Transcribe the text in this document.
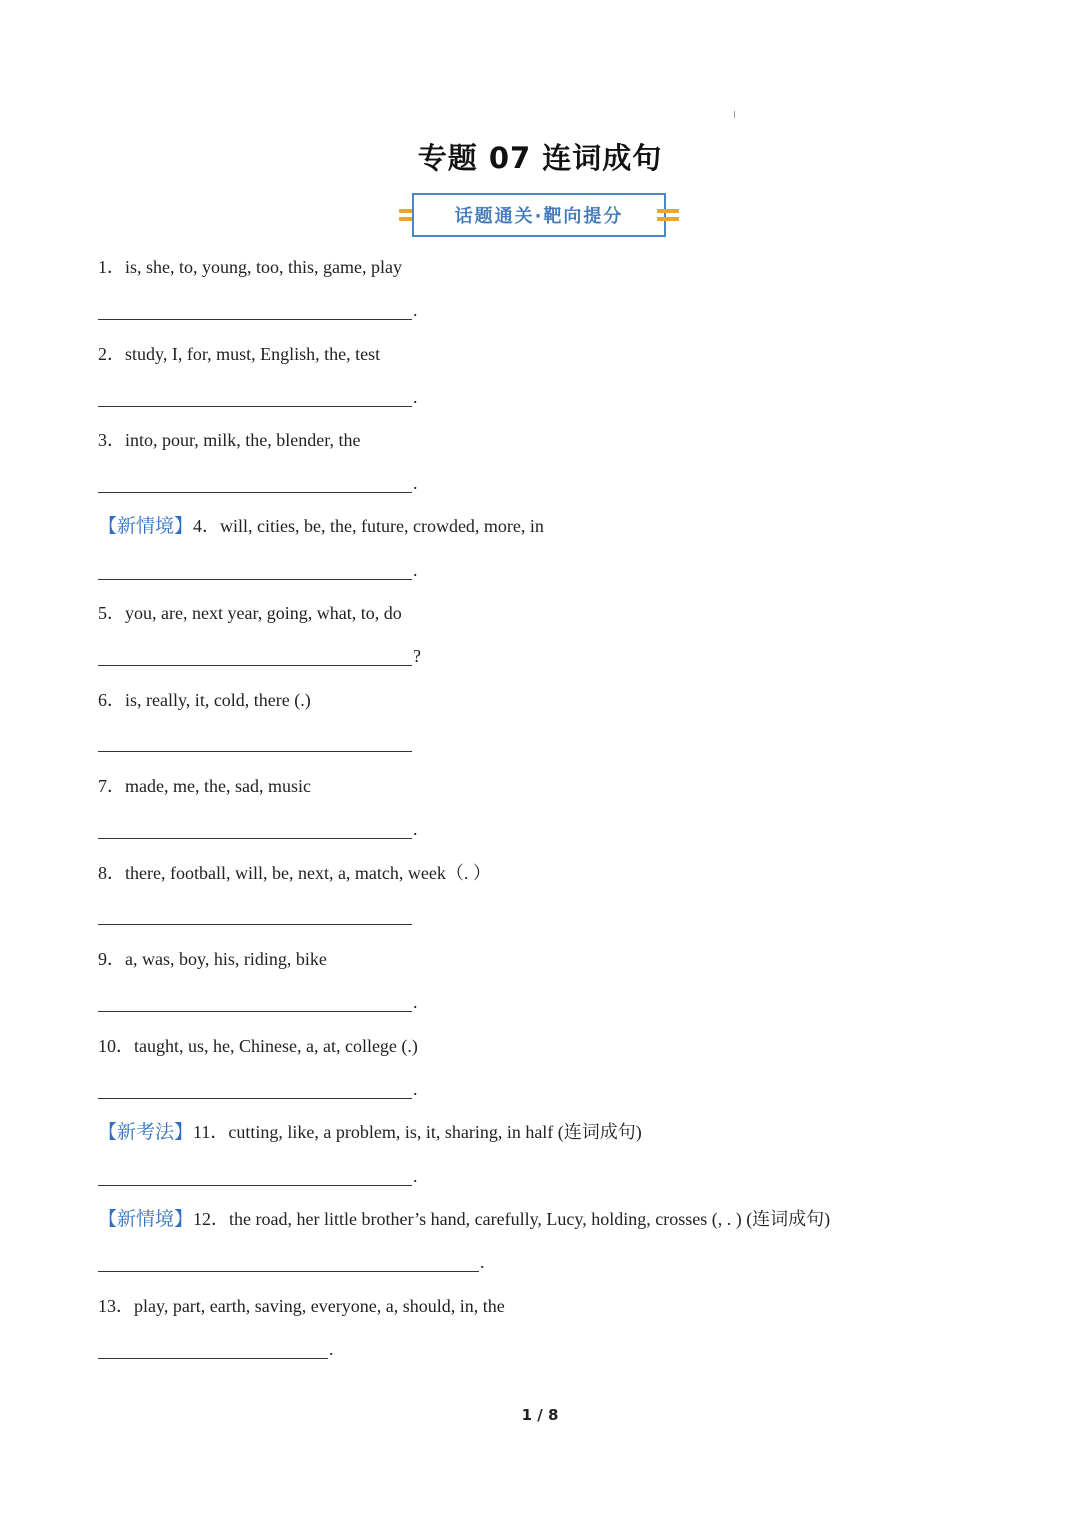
专题 07 连词成句
话题通关·靶向提分
1．is, she, to, young, too, this, game, play
.
2．study, I, for, must, English, the, test
.
3．into, pour, milk, the, blender, the
.
【新情境】4．will, cities, be, the, future, crowded, more, in
.
5．you, are, next year, going, what, to, do
?
6．is, really, it, cold, there (.)
7．made, me, the, sad, music
.
8．there, football, will, be, next, a, match, week（. ）
9．a, was, boy, his, riding, bike
.
10．taught, us, he, Chinese, a, at, college (.)
.
【新考法】11．cutting, like, a problem, is, it, sharing, in half (连词成句)
.
【新情境】12．the road, her little brother’s hand, carefully, Lucy, holding, crosses (, . ) (连词成句)
.
13．play, part, earth, saving, everyone, a, should, in, the
.
1 / 8
